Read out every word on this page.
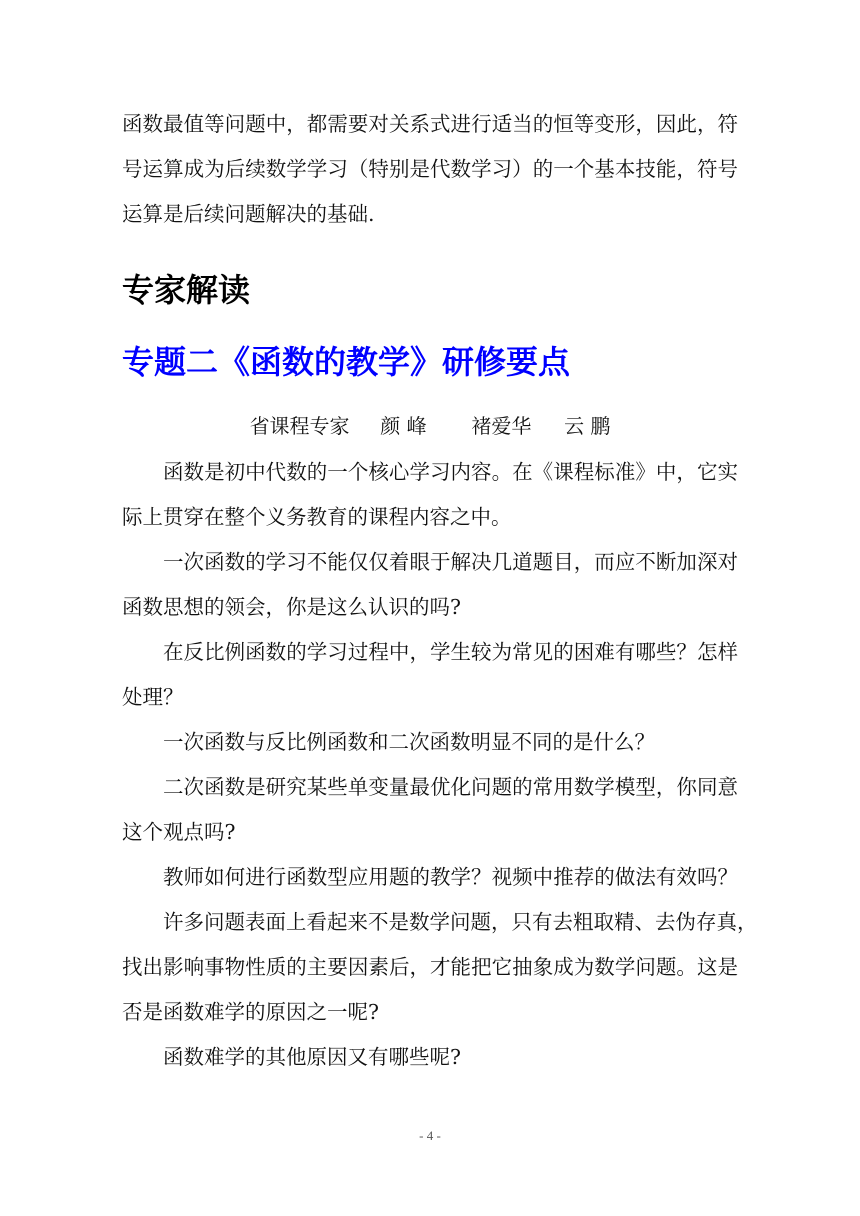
函数最值等问题中，都需要对关系式进行适当的恒等变形，因此，符
号运算成为后续数学学习（特别是代数学习）的一个基本技能，符号
运算是后续问题解决的基础.
专家解读
专题二《函数的教学》研修要点
省课程专家 颜 峰 褚爱华 云 鹏
函数是初中代数的一个核心学习内容。在《课程标准》中，它实
际上贯穿在整个义务教育的课程内容之中。
一次函数的学习不能仅仅着眼于解决几道题目，而应不断加深对
函数思想的领会，你是这么认识的吗?
在反比例函数的学习过程中，学生较为常见的困难有哪些？怎样
处理？
一次函数与反比例函数和二次函数明显不同的是什么？
二次函数是研究某些单变量最优化问题的常用数学模型，你同意
这个观点吗?
教师如何进行函数型应用题的教学？视频中推荐的做法有效吗？
许多问题表面上看起来不是数学问题，只有去粗取精、去伪存真，
找出影响事物性质的主要因素后，才能把它抽象成为数学问题。这是
否是函数难学的原因之一呢?
函数难学的其他原因又有哪些呢?
- 4 -
